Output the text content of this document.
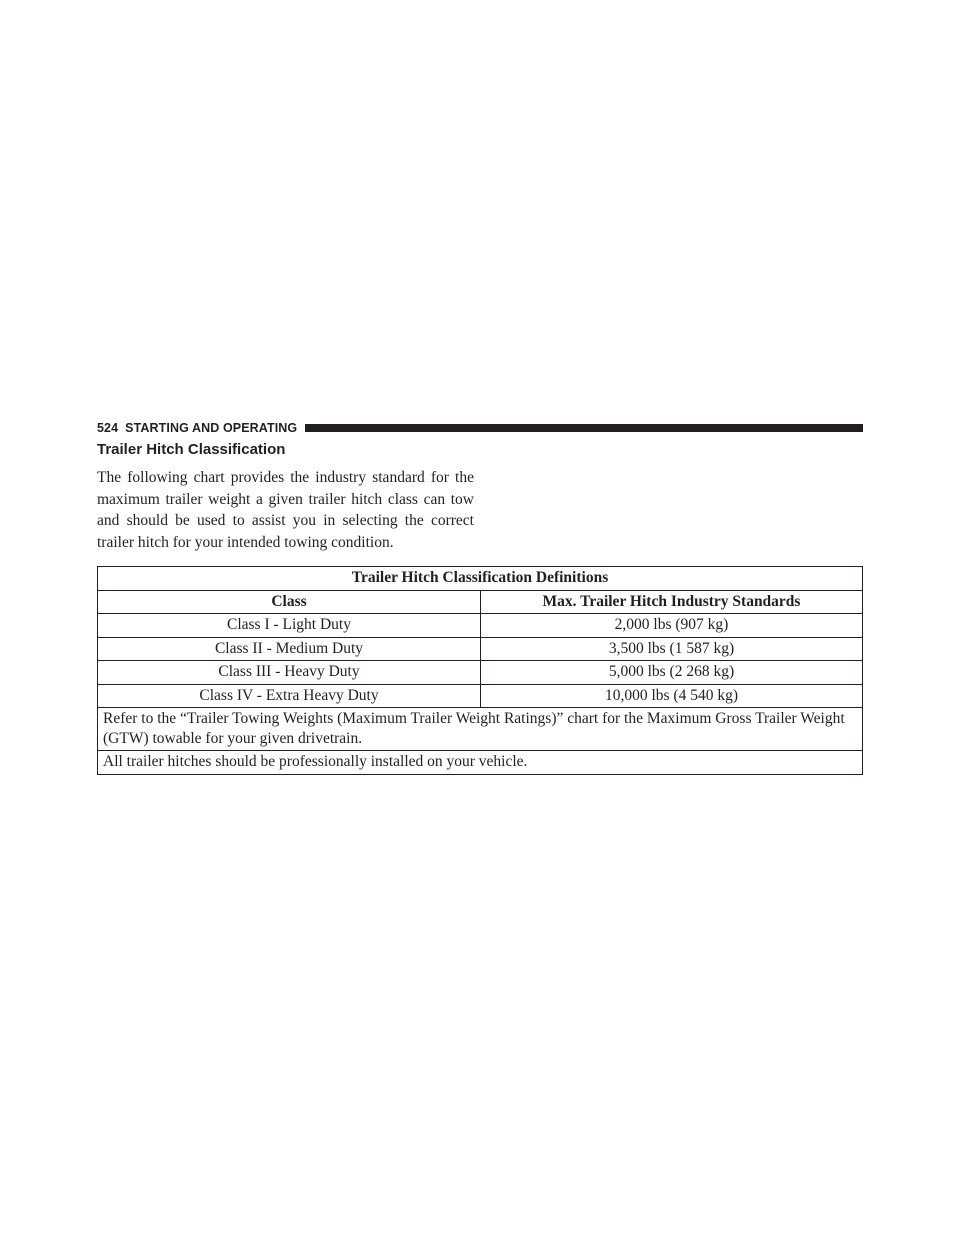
524 STARTING AND OPERATING
Trailer Hitch Classification

The following chart provides the industry standard for the maximum trailer weight a given trailer hitch class can tow and should be used to assist you in selecting the correct trailer hitch for your intended towing condition.

Trailer Hitch Classification Definitions	
Class	Max. Trailer Hitch Industry Standards
Class I - Light Duty	2,000 lbs (907 kg)
Class II - Medium Duty	3,500 lbs (1 587 kg)
Class III - Heavy Duty	5,000 lbs (2 268 kg)
Class IV - Extra Heavy Duty	10,000 lbs (4 540 kg)
Refer to the “Trailer Towing Weights (Maximum Trailer Weight Ratings)” chart for the Maximum Gross Trailer Weight (GTW) towable for your given drivetrain.	
All trailer hitches should be professionally installed on your vehicle.	
